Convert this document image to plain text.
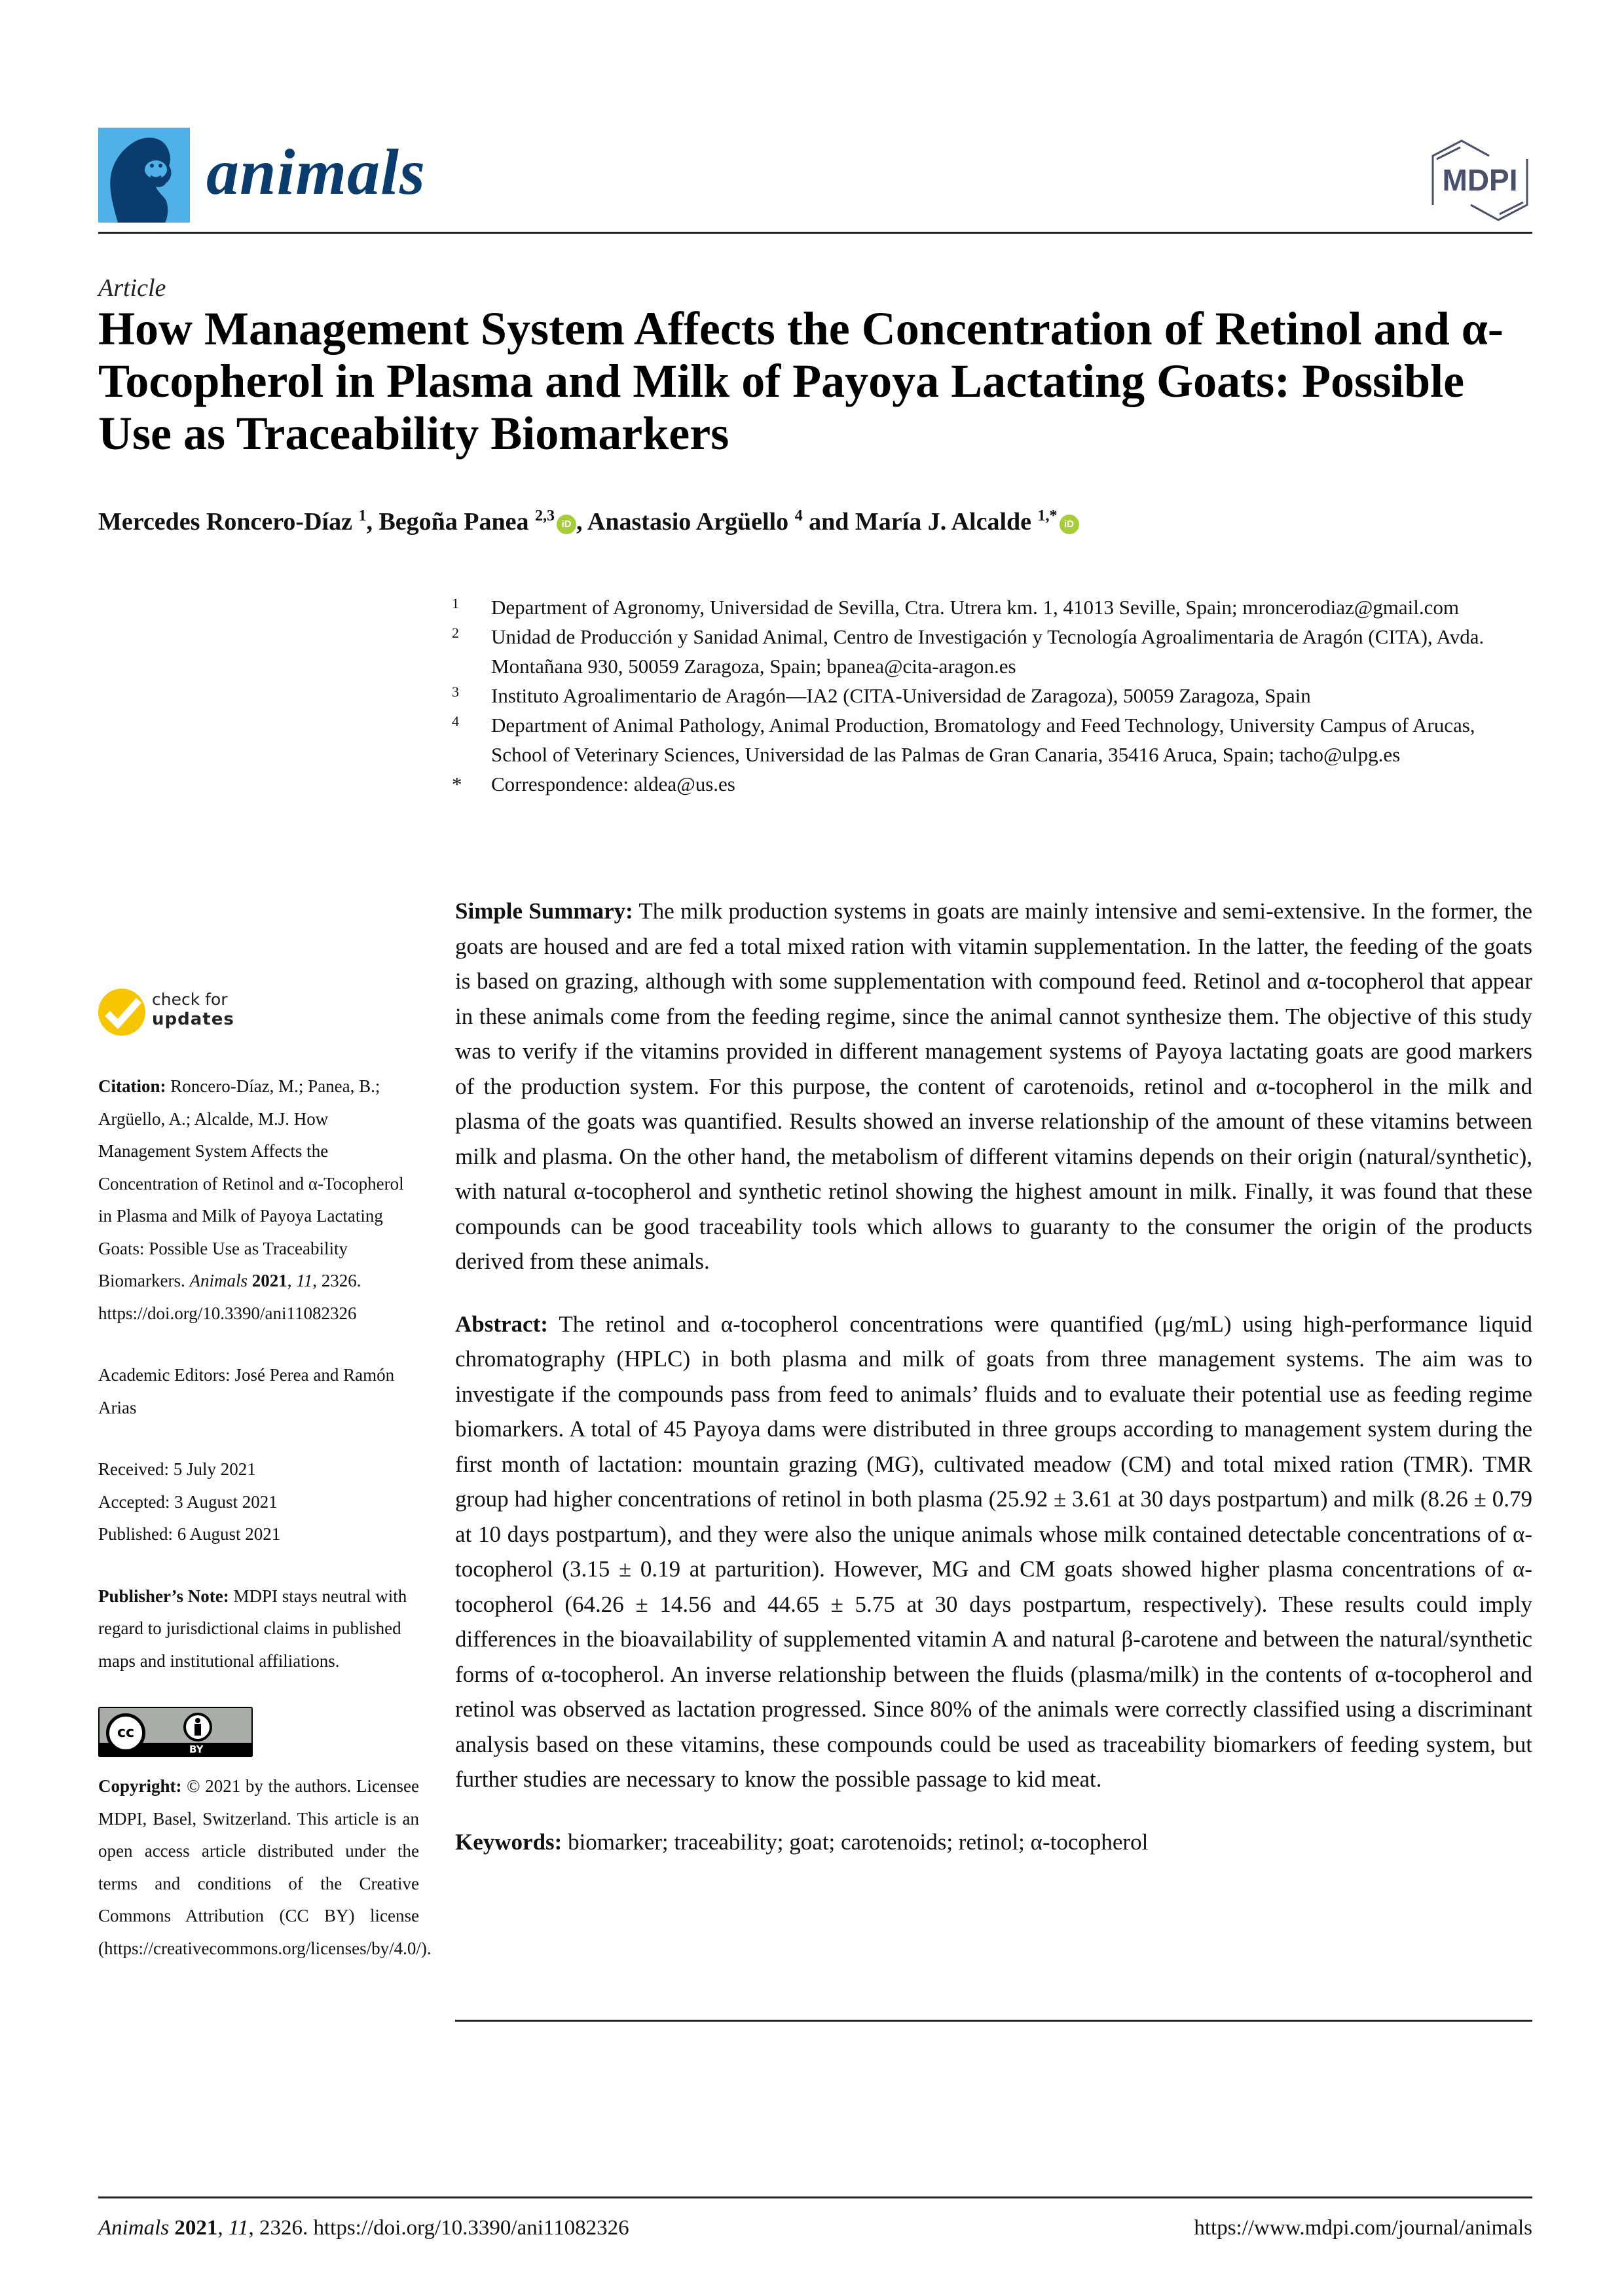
animals	MDPI
Article
How Management System Affects the Concentration of Retinol and α-Tocopherol in Plasma and Milk of Payoya Lactating Goats: Possible Use as Traceability Biomarkers
Mercedes Roncero-Díaz $^1$, Begoña Panea $^{2,3}$ iD , Anastasio Argüello $^4$ and María J. Alcalde $^{1,*}$ iD
1 Department of Agronomy, Universidad de Sevilla, Ctra. Utrera km. 1, 41013 Seville, Spain; mroncerodiaz@gmail.com
2 Unidad de Producción y Sanidad Animal, Centro de Investigación y Tecnología Agroalimentaria de Aragón (CITA), Avda. Montañana 930, 50059 Zaragoza, Spain; bpanea@cita-aragon.es
3 Instituto Agroalimentario de Aragón—IA2 (CITA-Universidad de Zaragoza), 50059 Zaragoza, Spain
4 Department of Animal Pathology, Animal Production, Bromatology and Feed Technology, University Campus of Arucas, School of Veterinary Sciences, Universidad de las Palmas de Gran Canaria, 35416 Aruca, Spain; tacho@ulpg.es
* Correspondence: aldea@us.es
check for
updates
Citation: Roncero-Díaz, M.; Panea, B.; Argüello, A.; Alcalde, M.J. How Management System Affects the Concentration of Retinol and α-Tocopherol in Plasma and Milk of Payoya Lactating Goats: Possible Use as Traceability Biomarkers. Animals 2021, 11, 2326. https://doi.org/10.3390/ani11082326
Academic Editors: José Perea and Ramón Arias
Received: 5 July 2021
Accepted: 3 August 2021
Published: 6 August 2021
Publisher’s Note: MDPI stays neutral with regard to jurisdictional claims in published maps and institutional affiliations.
cc
BY
Copyright: © 2021 by the authors. Licensee MDPI, Basel, Switzerland. This article is an open access article distributed under the terms and conditions of the Creative Commons Attribution (CC BY) license (https://creativecommons.org/licenses/by/4.0/).

Simple Summary: The milk production systems in goats are mainly intensive and semi-extensive. In the former, the goats are housed and are fed a total mixed ration with vitamin supplementation. In the latter, the feeding of the goats is based on grazing, although with some supplementation with compound feed. Retinol and α-tocopherol that appear in these animals come from the feeding regime, since the animal cannot synthesize them. The objective of this study was to verify if the vitamins provided in different management systems of Payoya lactating goats are good markers of the production system. For this purpose, the content of carotenoids, retinol and α-tocopherol in the milk and plasma of the goats was quantified. Results showed an inverse relationship of the amount of these vitamins between milk and plasma. On the other hand, the metabolism of different vitamins depends on their origin (natural/synthetic), with natural α-tocopherol and synthetic retinol showing the highest amount in milk. Finally, it was found that these compounds can be good traceability tools which allows to guaranty to the consumer the origin of the products derived from these animals.

Abstract: The retinol and α-tocopherol concentrations were quantified (μg/mL) using high-performance liquid chromatography (HPLC) in both plasma and milk of goats from three management systems. The aim was to investigate if the compounds pass from feed to animals’ fluids and to evaluate their potential use as feeding regime biomarkers. A total of 45 Payoya dams were distributed in three groups according to management system during the first month of lactation: mountain grazing (MG), cultivated meadow (CM) and total mixed ration (TMR). TMR group had higher concentrations of retinol in both plasma (25.92 ± 3.61 at 30 days postpartum) and milk (8.26 ± 0.79 at 10 days postpartum), and they were also the unique animals whose milk contained detectable concentrations of α-tocopherol (3.15 ± 0.19 at parturition). However, MG and CM goats showed higher plasma concentrations of α-tocopherol (64.26 ± 14.56 and 44.65 ± 5.75 at 30 days postpartum, respectively). These results could imply differences in the bioavailability of supplemented vitamin A and natural β-carotene and between the natural/synthetic forms of α-tocopherol. An inverse relationship between the fluids (plasma/milk) in the contents of α-tocopherol and retinol was observed as lactation progressed. Since 80% of the animals were correctly classified using a discriminant analysis based on these vitamins, these compounds could be used as traceability biomarkers of feeding system, but further studies are necessary to know the possible passage to kid meat.

Keywords: biomarker; traceability; goat; carotenoids; retinol; α-tocopherol

Animals 2021, 11, 2326. https://doi.org/10.3390/ani11082326	https://www.mdpi.com/journal/animals
